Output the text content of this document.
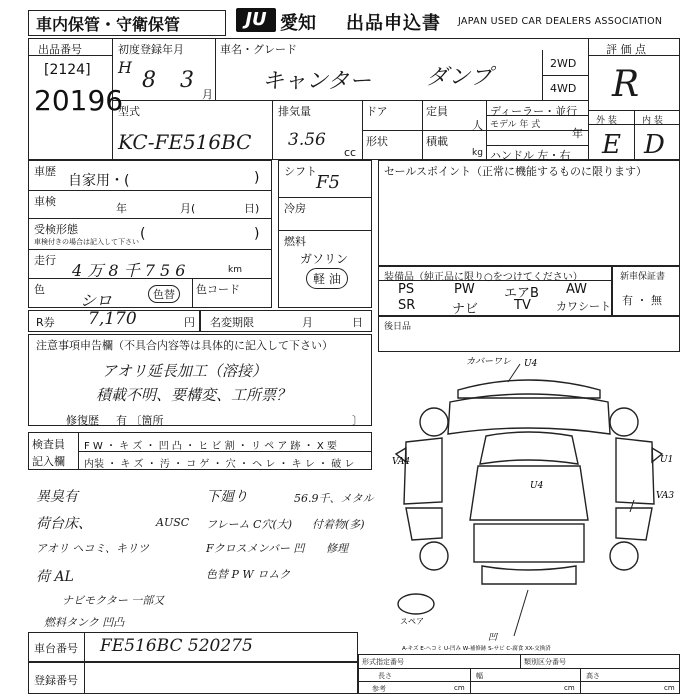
車内保管・守衛保管	JU 愛知 出品申込書 JAPAN USED CAR DEALERS ASSOCIATION
出品番号
[2124]
20196
初度登録年月
H
8 3
月
車名・グレード
キャンター ダンプ
2WD
4WD
評 価 点
R
外 装	内 装
E D
型式
KC-FE516BC
排気量
3.56
cc
ドア
形状
定員
人
積載
kg
ディーラー・並行
モデル 年 式
年
ハンドル 左・右
車歴
自家用・(	)
車検
年	月(	日)
受検形態
車検付きの場合は記入して下さい (	)
走行
4 万 8 千 7 5 6	km
色
シロ	色替	色コード
シフト
F5
冷房
燃料
ガソリン
軽 油
セールスポイント（正常に機能するものに限ります）
装備品（純正品に限り○をつけてください）
PS	PW エアB AW
SR	ナビ	TV カワシート
新車保証書
有 ・ 無
R券 7,170	円 名変期限	月	日 後日品
注意事項申告欄（不具合内容等は具体的に記入して下さい）
アオリ延長加工（溶接）
積載不明、要構変、工所票？
修復歴 有 〔箇所	〕
検査員
記入欄
F W ・ キ ズ ・ 凹 凸 ・ ヒ ビ 割 ・ リ ペ ア 跡 ・ X 要
内装 ・ キ ズ ・ 汚 ・ コ ゲ ・ 穴 ・ ヘ レ ・ キ レ ・ 破 レ
異臭有
荷台床、
アオリ ヘコミ、キリツ
荷 AL
ナビモクター 一部又
燃料タンク 凹凸
下廻り	56.9千、メタル
AUSC フレーム C穴(大) 付着物(多)
Fクロスメンバー 凹 修理
色替 P W ロムク
カバーワレ U4
VA4
U4
U1
VA3
スペア
凹
A-キズ E-ヘコミ U-凹み W-補修跡 S-サビ C-腐食 XX-交換済
車台番号 FE516BC 520275
登録番号
形式指定番号	類別区分番号
長さ	幅	高さ
参考	cm	cm	cm
